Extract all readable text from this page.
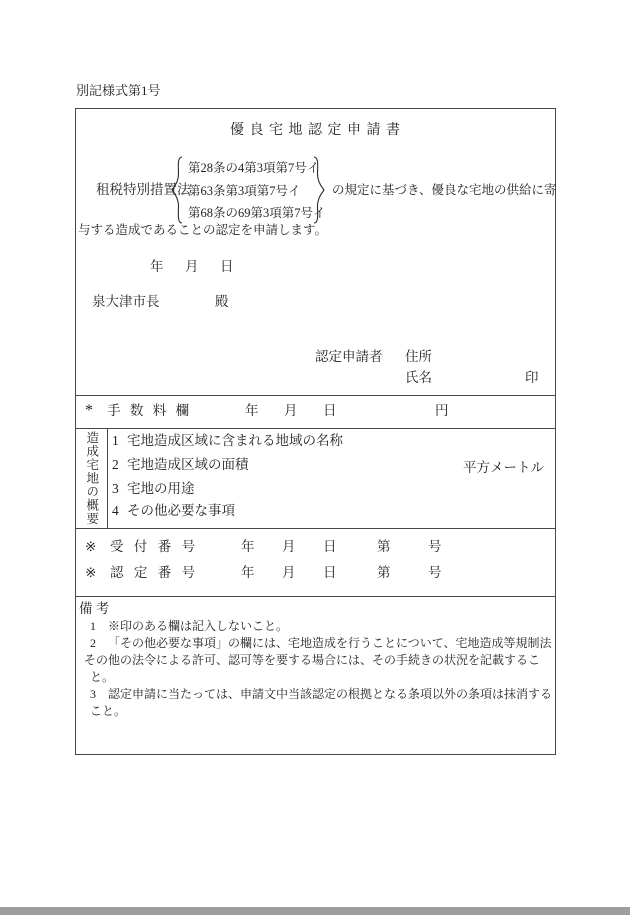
別記様式第1号
優 良 宅 地 認 定 申 請 書
租税特別措置法
第28条の4第3項第7号イ
第63条第3項第7号イ
第68条の69第3項第7号イ
の規定に基づき、優良な宅地の供給に寄
与する造成であることの認定を申請します。
年　月　日
泉大津市長	殿
認定申請者 住所
氏名	印
* 手 数 料 欄	年　月　日	円
造成宅地の概要 1 宅地造成区域に含まれる地域の名称
2 宅地造成区域の面積	平方メートル
3 宅地の用途
4 その他必要な事項
※ 受 付 番 号	年　月　日 第	号
※ 認 定 番 号	年　月　日 第	号
備 考
1 ※印のある欄は記入しないこと。
2 「その他必要な事項」の欄には、宅地造成を行うことについて、宅地造成等規制法
その他の法令による許可、認可等を要する場合には、その手続きの状況を記載するこ
と。
3 認定申請に当たっては、申請文中当該認定の根拠となる条項以外の条項は抹消する
こと。
